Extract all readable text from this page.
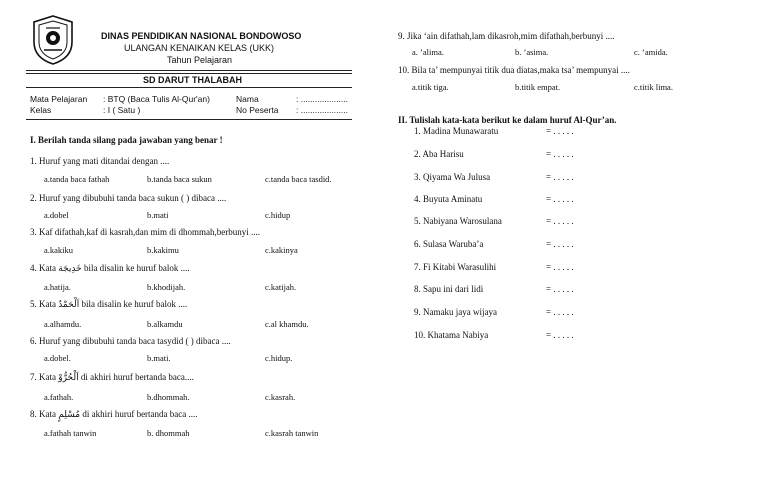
DINAS PENDIDIKAN NASIONAL BONDOWOSO
ULANGAN KENAIKAN KELAS (UKK)
Tahun Pelajaran
SD DARUT THALABAH
Mata Pelajaran : BTQ (Baca Tulis Al-Qur'an)
Kelas	: I ( Satu )
Nama	: ....................
No Peserta : ....................
I. Berilah tanda silang pada jawaban yang benar !
1. Huruf yang mati ditandai dengan ....
a.tanda baca fathah	b.tanda baca sukun	c.tanda baca tasdid.
2. Huruf yang dibubuhi tanda baca sukun ( ) dibaca ....
a.dobel	b.mati	c.hidup
3. Kaf difathah,kaf di kasrah,dan mim di dhommah,berbunyi ....
a.kakiku	b.kakimu	c.kakinya
4. Kata خَدِيجَة bila disalin ke huruf balok ....
a.hatija.	b.khodijah.	c.katijah.
5. Kata اَلْحَمْدُ bila disalin ke huruf balok ....
a.alhamdu.	b.alkamdu	c.al khamdu.
6. Huruf yang dibubuhi tanda baca tasydid ( ) dibaca ....
a.dobel.	b.mati.	c.hidup.
7. Kata اَلْحُرُّوْ di akhiri huruf bertanda baca....
a.fathah.	b.dhommah.	c.kasrah.
8. Kata مُسْلِمٍ di akhiri huruf bertanda baca ....
a.fathah tanwin	b. dhommah	c.kasrah tanwin
9. Jika ‘ain difathah,lam dikasroh,mim difathah,berbunyi ....
a. ’alima.	b. ’asima.	c. ’amida.
10. Bila ta’ mempunyai titik dua diatas,maka tsa’ mempunyai ....
a.titik tiga.	b.titik empat.	c.titik lima.
II. Tulislah kata-kata berikut ke dalam huruf Al-Qur’an.
1. Madina Munawaratu	= . . . . .
2. Aba Harisu	= . . . . .
3. Qiyama Wa Julusa	= . . . . .
4. Buyuta Aminatu	= . . . . .
5. Nabiyana Warosulana	= . . . . .
6. Sulasa Waruba’a	= . . . . .
7. Fi Kitabi Warasulihi	= . . . . .
8. Sapu ini dari lidi	= . . . . .
9. Namaku jaya wijaya	= . . . . .
10. Khatama Nabiya	= . . . . .
